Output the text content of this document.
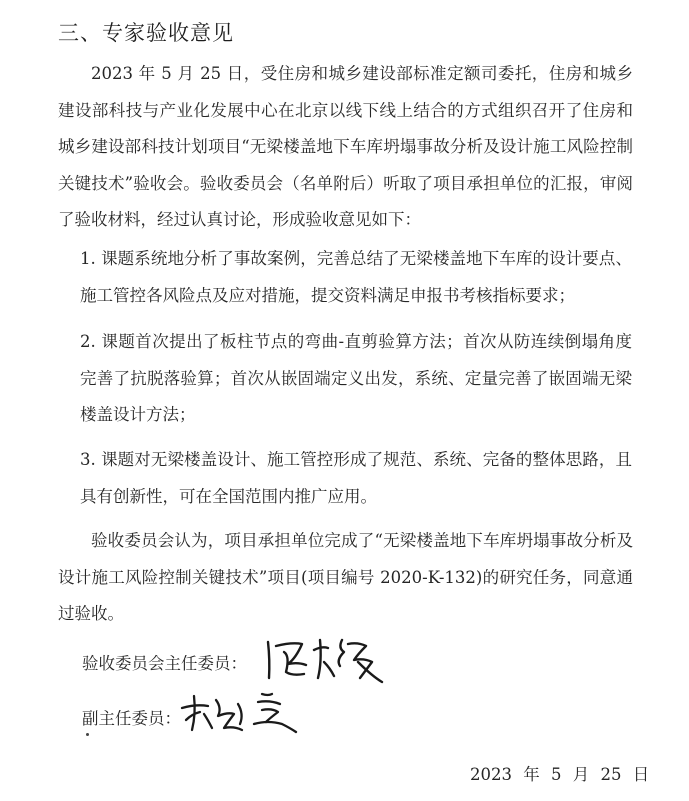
三、专家验收意见
2023 年 5 月 25 日，受住房和城乡建设部标准定额司委托，住房和城乡建设部科技与产业化发展中心在北京以线下线上结合的方式组织召开了住房和城乡建设部科技计划项目“无梁楼盖地下车库坍塌事故分析及设计施工风险控制关键技术”验收会。验收委员会（名单附后）听取了项目承担单位的汇报，审阅了验收材料，经过认真讨论，形成验收意见如下：
1. 课题系统地分析了事故案例，完善总结了无梁楼盖地下车库的设计要点、施工管控各风险点及应对措施，提交资料满足申报书考核指标要求；
2. 课题首次提出了板柱节点的弯曲-直剪验算方法；首次从防连续倒塌角度完善了抗脱落验算；首次从嵌固端定义出发，系统、定量完善了嵌固端无梁楼盖设计方法；
3. 课题对无梁楼盖设计、施工管控形成了规范、系统、完备的整体思路，且具有创新性，可在全国范围内推广应用。
验收委员会认为，项目承担单位完成了“无梁楼盖地下车库坍塌事故分析及设计施工风险控制关键技术”项目(项目编号 2020-K-132)的研究任务，同意通过验收。
验收委员会主任委员：
副主任委员：
2023 年 5 月 25 日
